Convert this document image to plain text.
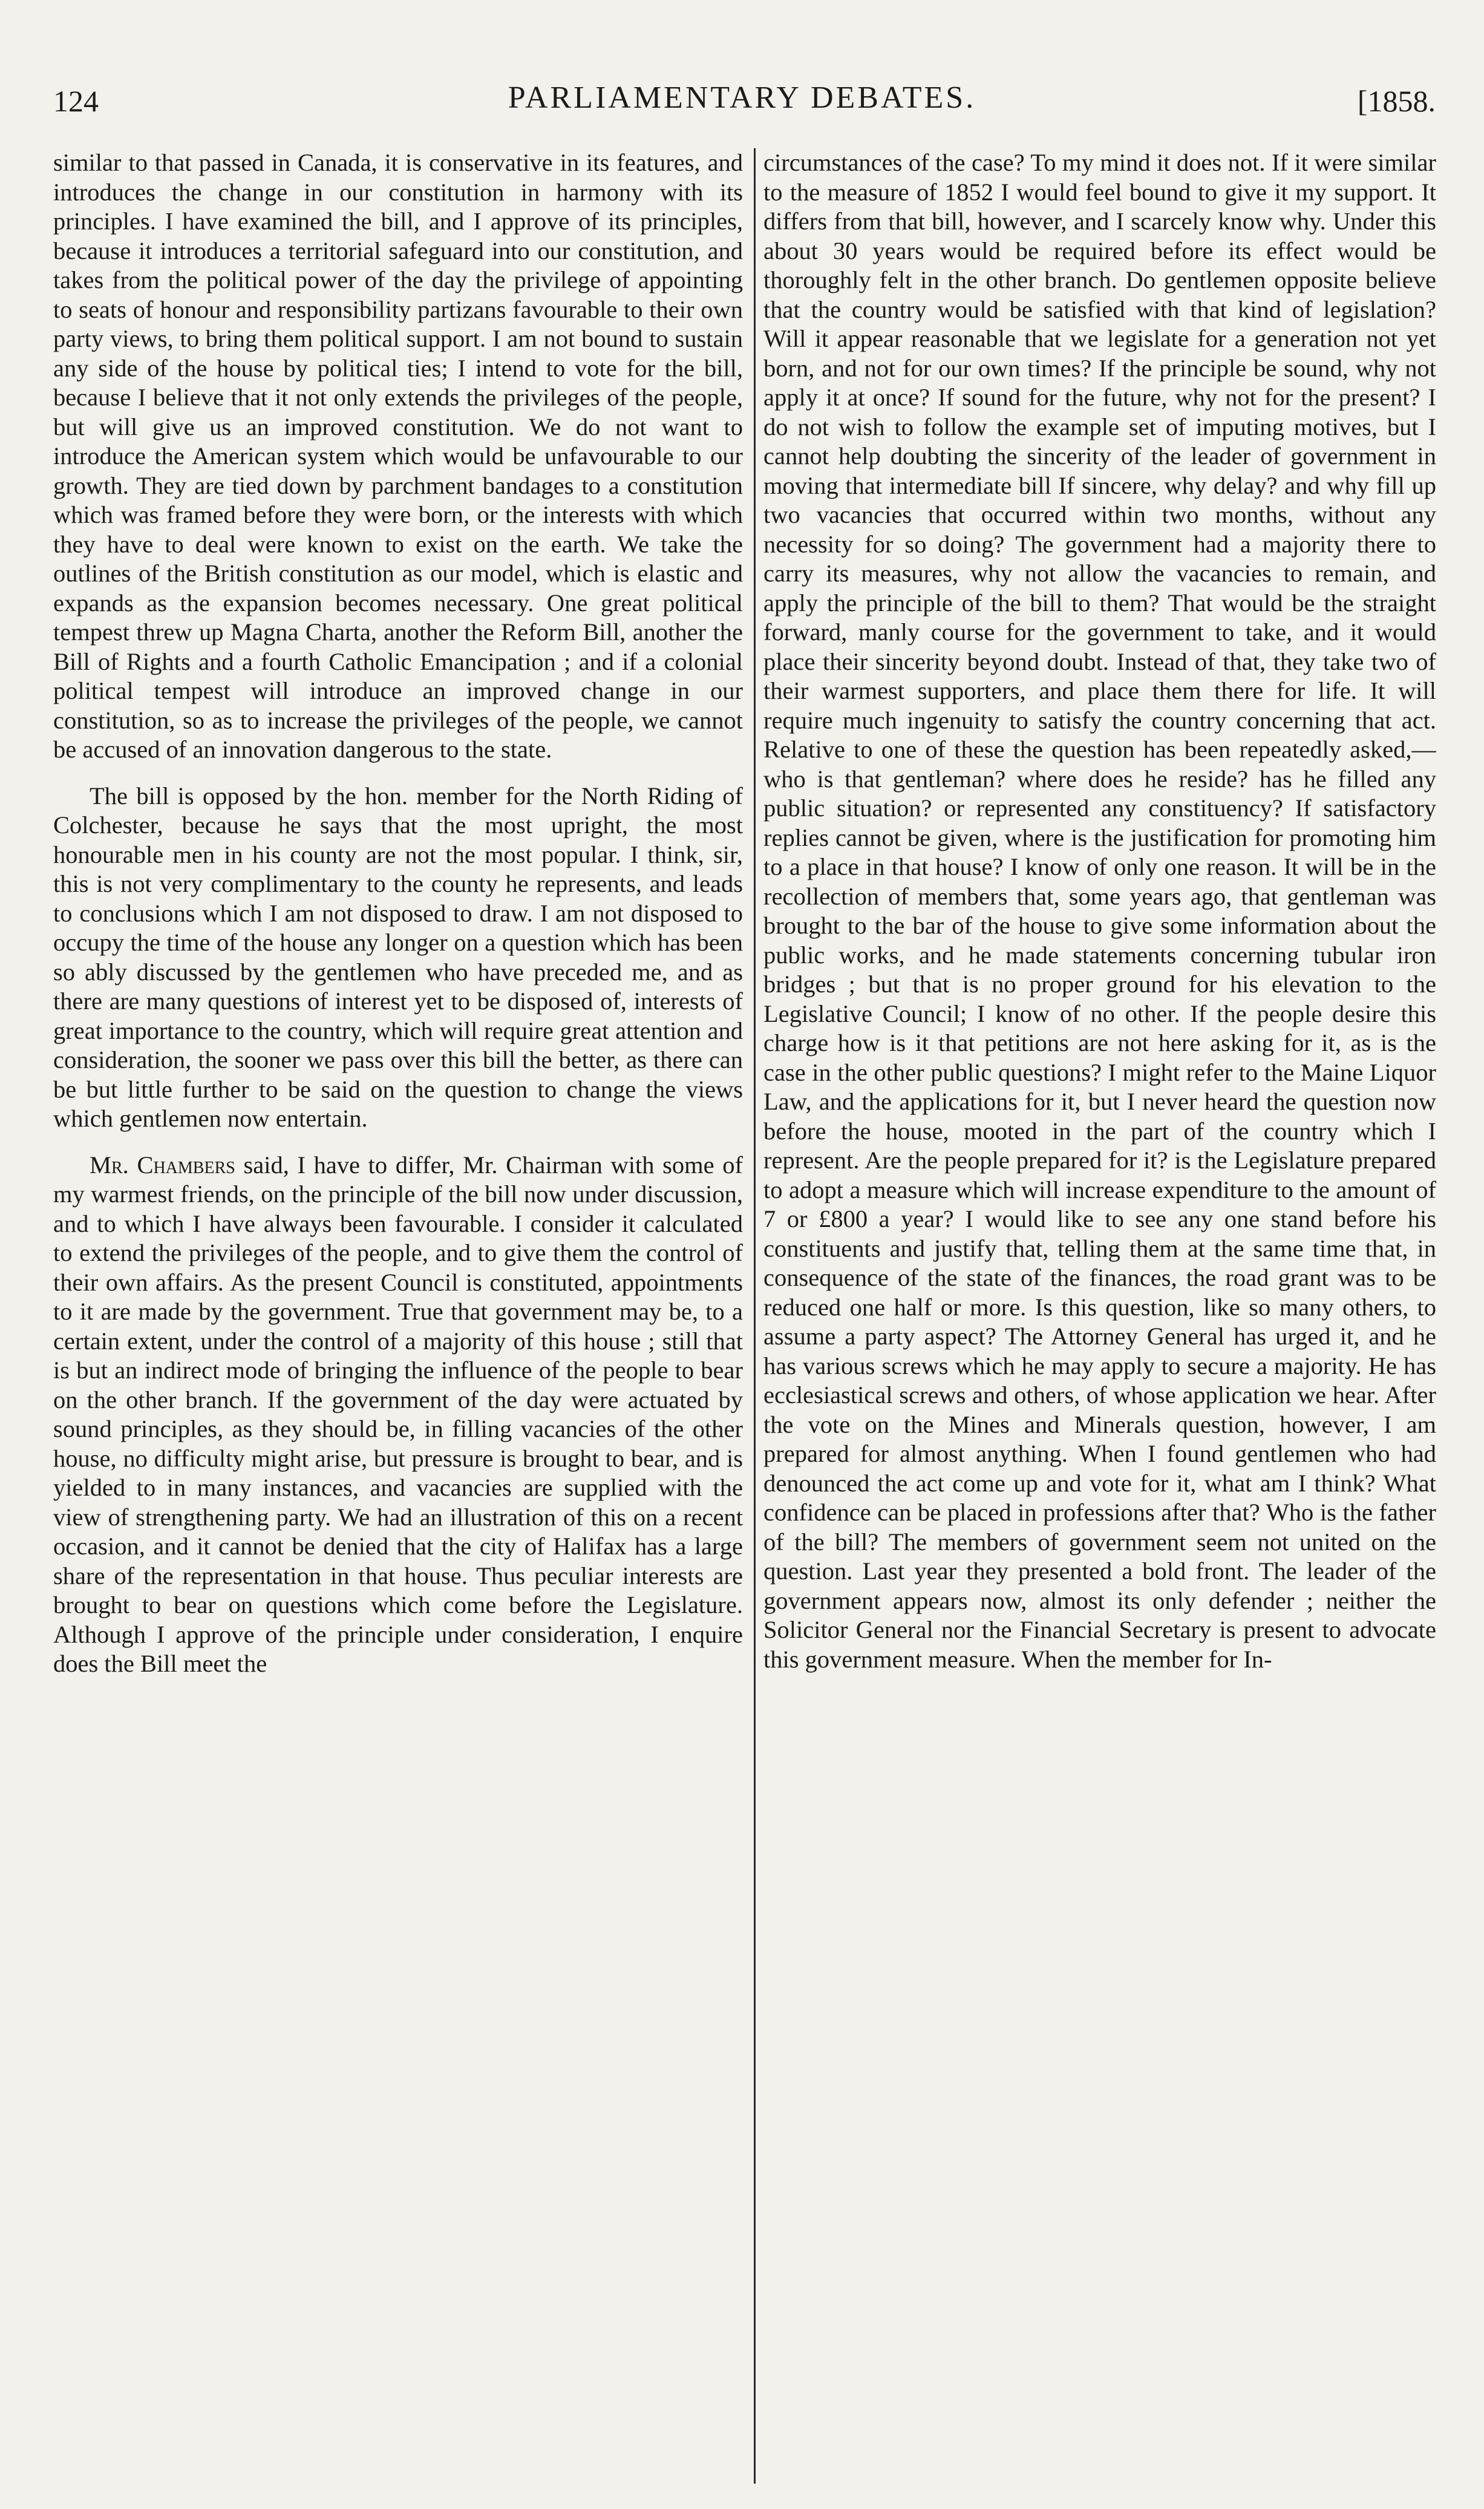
124	PARLIAMENTARY DEBATES.	[1858.

similar to that passed in Canada, it is conservative in its features, and introduces the change in our constitution in harmony with its principles. I have examined the bill, and I approve of its principles, because it introduces a territorial safeguard into our constitution, and takes from the political power of the day the privilege of appointing to seats of honour and responsibility partizans favourable to their own party views, to bring them political support. I am not bound to sustain any side of the house by political ties; I intend to vote for the bill, because I believe that it not only extends the privileges of the people, but will give us an improved constitution. We do not want to introduce the American system which would be unfavourable to our growth. They are tied down by parchment bandages to a constitution which was framed before they were born, or the interests with which they have to deal were known to exist on the earth. We take the outlines of the British constitution as our model, which is elastic and expands as the expansion becomes necessary. One great political tempest threw up Magna Charta, another the Reform Bill, another the Bill of Rights and a fourth Catholic Emancipation ; and if a colonial political tempest will introduce an improved change in our constitution, so as to increase the privileges of the people, we cannot be accused of an innovation dangerous to the state.

The bill is opposed by the hon. member for the North Riding of Colchester, because he says that the most upright, the most honourable men in his county are not the most popular. I think, sir, this is not very complimentary to the county he represents, and leads to conclusions which I am not disposed to draw. I am not disposed to occupy the time of the house any longer on a question which has been so ably discussed by the gentlemen who have preceded me, and as there are many questions of interest yet to be disposed of, interests of great importance to the country, which will require great attention and consideration, the sooner we pass over this bill the better, as there can be but little further to be said on the question to change the views which gentlemen now entertain.

Mr. Chambers said, I have to differ, Mr. Chairman with some of my warmest friends, on the principle of the bill now under discussion, and to which I have always been favourable. I consider it calculated to extend the privileges of the people, and to give them the control of their own affairs. As the present Council is constituted, appointments to it are made by the government. True that government may be, to a certain extent, under the control of a majority of this house ; still that is but an indirect mode of bringing the influence of the people to bear on the other branch. If the government of the day were actuated by sound principles, as they should be, in filling vacancies of the other house, no difficulty might arise, but pressure is brought to bear, and is yielded to in many instances, and vacancies are supplied with the view of strengthening party. We had an illustration of this on a recent occasion, and it cannot be denied that the city of Halifax has a large share of the representation in that house. Thus peculiar interests are brought to bear on questions which come before the Legislature. Although I approve of the principle under consideration, I enquire does the Bill meet the

circumstances of the case? To my mind it does not. If it were similar to the measure of 1852 I would feel bound to give it my support. It differs from that bill, however, and I scarcely know why. Under this about 30 years would be required before its effect would be thoroughly felt in the other branch. Do gentlemen opposite believe that the country would be satisfied with that kind of legislation? Will it appear reasonable that we legislate for a generation not yet born, and not for our own times? If the principle be sound, why not apply it at once? If sound for the future, why not for the present? I do not wish to follow the example set of imputing motives, but I cannot help doubting the sincerity of the leader of government in moving that intermediate bill If sincere, why delay? and why fill up two vacancies that occurred within two months, without any necessity for so doing? The government had a majority there to carry its measures, why not allow the vacancies to remain, and apply the principle of the bill to them? That would be the straight forward, manly course for the government to take, and it would place their sincerity beyond doubt. Instead of that, they take two of their warmest supporters, and place them there for life. It will require much ingenuity to satisfy the country concerning that act. Relative to one of these the question has been repeatedly asked,—who is that gentleman? where does he reside? has he filled any public situation? or represented any constituency? If satisfactory replies cannot be given, where is the justification for promoting him to a place in that house? I know of only one reason. It will be in the recollection of members that, some years ago, that gentleman was brought to the bar of the house to give some information about the public works, and he made statements concerning tubular iron bridges ; but that is no proper ground for his elevation to the Legislative Council; I know of no other. If the people desire this charge how is it that petitions are not here asking for it, as is the case in the other public questions? I might refer to the Maine Liquor Law, and the applications for it, but I never heard the question now before the house, mooted in the part of the country which I represent. Are the people prepared for it? is the Legislature prepared to adopt a measure which will increase expenditure to the amount of 7 or £800 a year? I would like to see any one stand before his constituents and justify that, telling them at the same time that, in consequence of the state of the finances, the road grant was to be reduced one half or more. Is this question, like so many others, to assume a party aspect? The Attorney General has urged it, and he has various screws which he may apply to secure a majority. He has ecclesiastical screws and others, of whose application we hear. After the vote on the Mines and Minerals question, however, I am prepared for almost anything. When I found gentlemen who had denounced the act come up and vote for it, what am I think? What confidence can be placed in professions after that? Who is the father of the bill? The members of government seem not united on the question. Last year they presented a bold front. The leader of the government appears now, almost its only defender ; neither the Solicitor General nor the Financial Secretary is present to advocate this government measure. When the member for In-
